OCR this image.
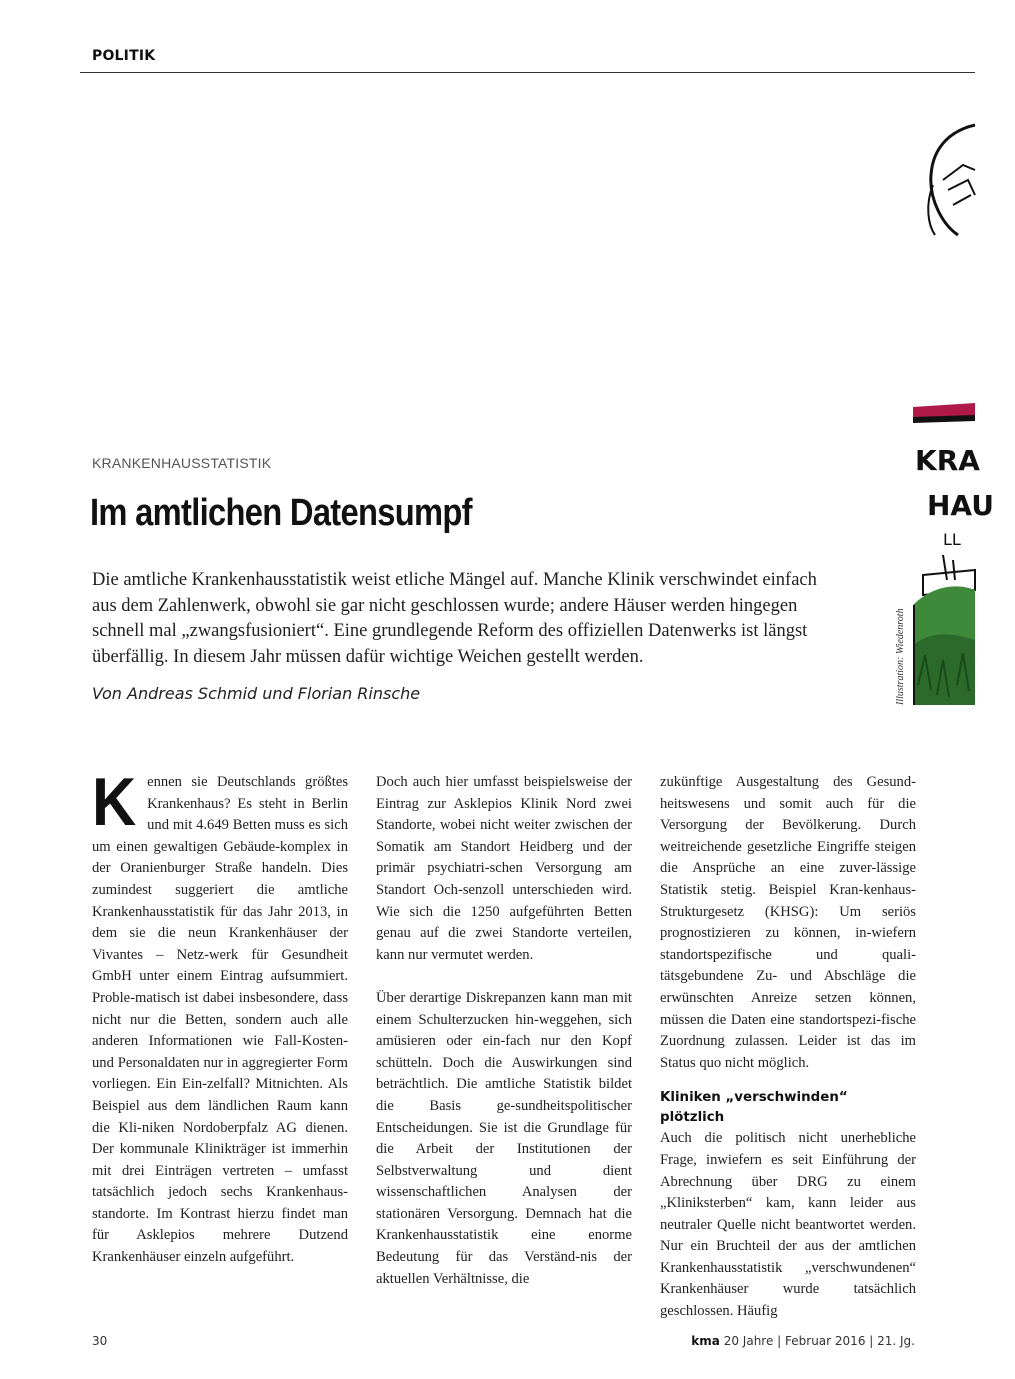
POLITIK
KRA
HAU
LL
Illustration: Wiedenroth
KRANKENHAUSSTATISTIK
Im amtlichen Datensumpf

Die amtliche Krankenhausstatistik weist etliche Mängel auf. Manche Klinik verschwindet einfach aus dem Zahlenwerk, obwohl sie gar nicht geschlossen wurde; andere Häuser werden hingegen schnell mal „zwangsfusioniert“. Eine grundlegende Reform des offiziellen Datenwerks ist längst überfällig. In diesem Jahr müssen dafür wichtige Weichen gestellt werden.

Von Andreas Schmid und Florian Rinsche
K ennen sie Deutschlands größtes Krankenhaus? Es steht in Berlin und mit 4.649 Betten muss es sich um einen gewaltigen Gebäude-komplex in der Oranienburger Straße handeln. Dies zumindest suggeriert die amtliche Krankenhausstatistik für das Jahr 2013, in dem sie die neun Krankenhäuser der Vivantes – Netz-werk für Gesundheit GmbH unter einem Eintrag aufsummiert. Proble-matisch ist dabei insbesondere, dass nicht nur die Betten, sondern auch alle anderen Informationen wie Fall-Kosten- und Personaldaten nur in aggregierter Form vorliegen. Ein Ein-zelfall? Mitnichten. Als Beispiel aus dem ländlichen Raum kann die Kli-niken Nordoberpfalz AG dienen. Der kommunale Klinikträger ist immerhin mit drei Einträgen vertreten – umfasst tatsächlich jedoch sechs Krankenhaus-standorte. Im Kontrast hierzu findet man für Asklepios mehrere Dutzend Krankenhäuser einzeln aufgeführt.

Doch auch hier umfasst beispielsweise der Eintrag zur Asklepios Klinik Nord zwei Standorte, wobei nicht weiter zwischen der Somatik am Standort Heidberg und der primär psychiatri-schen Versorgung am Standort Och-senzoll unterschieden wird. Wie sich die 1250 aufgeführten Betten genau auf die zwei Standorte verteilen, kann nur vermutet werden.

Über derartige Diskrepanzen kann man mit einem Schulterzucken hin-weggehen, sich amüsieren oder ein-fach nur den Kopf schütteln. Doch die Auswirkungen sind beträchtlich. Die amtliche Statistik bildet die Basis ge-sundheitspolitischer Entscheidungen. Sie ist die Grundlage für die Arbeit der Institutionen der Selbstverwaltung und dient wissenschaftlichen Analysen der stationären Versorgung. Demnach hat die Krankenhausstatistik eine enorme Bedeutung für das Verständ-nis der aktuellen Verhältnisse, die

zukünftige Ausgestaltung des Gesund-heitswesens und somit auch für die Versorgung der Bevölkerung. Durch weitreichende gesetzliche Eingriffe steigen die Ansprüche an eine zuver-lässige Statistik stetig. Beispiel Kran-kenhaus-Strukturgesetz (KHSG): Um seriös prognostizieren zu können, in-wiefern standortspezifische und quali-tätsgebundene Zu- und Abschläge die erwünschten Anreize setzen können, müssen die Daten eine standortspezi-fische Zuordnung zulassen. Leider ist das im Status quo nicht möglich.

Kliniken „verschwinden“ plötzlich

Auch die politisch nicht unerhebliche Frage, inwiefern es seit Einführung der Abrechnung über DRG zu einem „Kliniksterben“ kam, kann leider aus neutraler Quelle nicht beantwortet werden. Nur ein Bruchteil der aus der amtlichen Krankenhausstatistik „verschwundenen“ Krankenhäuser wurde tatsächlich geschlossen. Häufig

30	kma 20 Jahre | Februar 2016 | 21. Jg.
